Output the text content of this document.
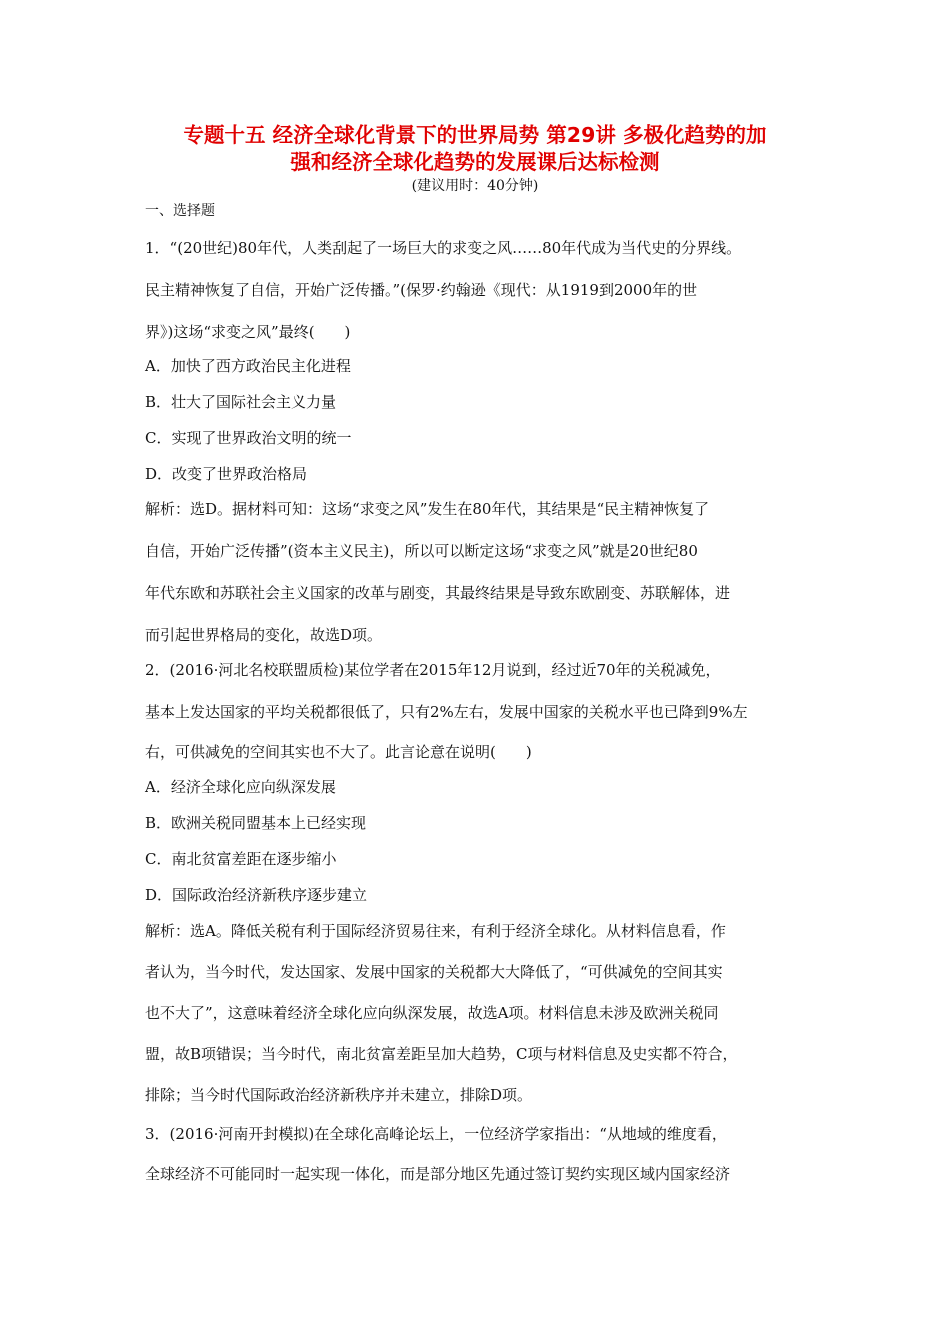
专题十五 经济全球化背景下的世界局势 第29讲 多极化趋势的加
强和经济全球化趋势的发展课后达标检测
(建议用时：40分钟)
一、选择题
1．“(20世纪)80年代，人类刮起了一场巨大的求变之风……80年代成为当代史的分界线。
民主精神恢复了自信，开始广泛传播。”(保罗·约翰逊《现代：从1919到2000年的世
界》)这场“求变之风”最终(　　)
A．加快了西方政治民主化进程
B．壮大了国际社会主义力量
C．实现了世界政治文明的统一
D．改变了世界政治格局
解析：选D。据材料可知：这场“求变之风”发生在80年代，其结果是“民主精神恢复了
自信，开始广泛传播”(资本主义民主)，所以可以断定这场“求变之风”就是20世纪80
年代东欧和苏联社会主义国家的改革与剧变，其最终结果是导致东欧剧变、苏联解体，进
而引起世界格局的变化，故选D项。
2．(2016·河北名校联盟质检)某位学者在2015年12月说到，经过近70年的关税减免，
基本上发达国家的平均关税都很低了，只有2%左右，发展中国家的关税水平也已降到9%左
右，可供减免的空间其实也不大了。此言论意在说明(　　)
A．经济全球化应向纵深发展
B．欧洲关税同盟基本上已经实现
C．南北贫富差距在逐步缩小
D．国际政治经济新秩序逐步建立
解析：选A。降低关税有利于国际经济贸易往来，有利于经济全球化。从材料信息看，作
者认为，当今时代，发达国家、发展中国家的关税都大大降低了，“可供减免的空间其实
也不大了”，这意味着经济全球化应向纵深发展，故选A项。材料信息未涉及欧洲关税同
盟，故B项错误；当今时代，南北贫富差距呈加大趋势，C项与材料信息及史实都不符合，
排除；当今时代国际政治经济新秩序并未建立，排除D项。
3．(2016·河南开封模拟)在全球化高峰论坛上，一位经济学家指出：“从地域的维度看，
全球经济不可能同时一起实现一体化，而是部分地区先通过签订契约实现区域内国家经济
